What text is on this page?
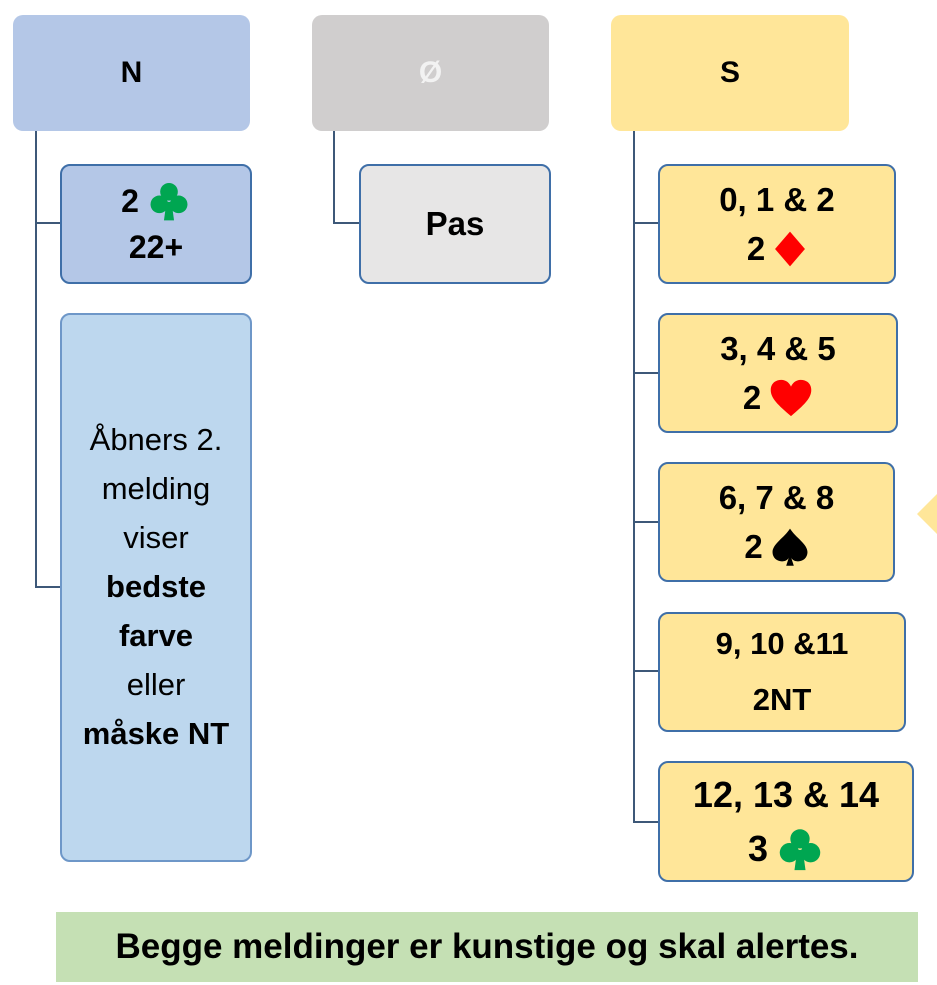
N	Ø	S
2
22+
Åbners 2.
melding
viser
bedste
farve
eller
måske NT
Pas
0, 1 & 2
2
3, 4 & 5
2
6, 7 & 8
2
9, 10 &11
2NT
12, 13 & 14
3
Begge meldinger er kunstige og skal alertes.
